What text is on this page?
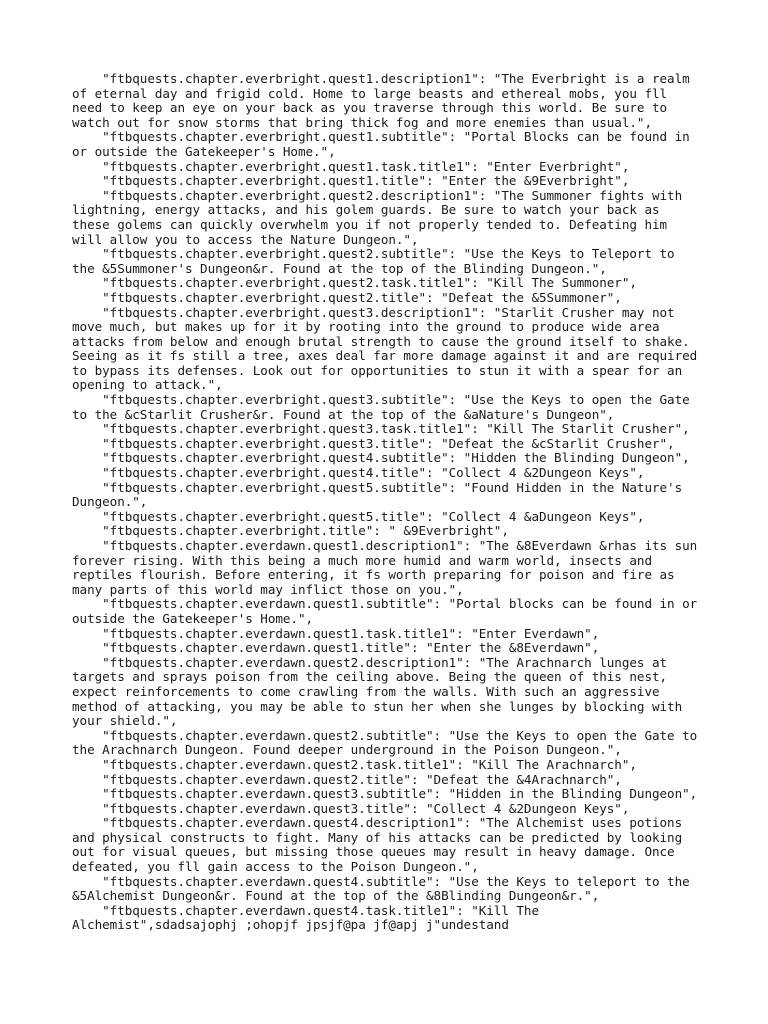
"ftbquests.chapter.everbright.quest1.description1": "The Everbright is a realm
of eternal day and frigid cold. Home to large beasts and ethereal mobs, you fll
need to keep an eye on your back as you traverse through this world. Be sure to
watch out for snow storms that bring thick fog and more enemies than usual.",
"ftbquests.chapter.everbright.quest1.subtitle": "Portal Blocks can be found in
or outside the Gatekeeper's Home.",
"ftbquests.chapter.everbright.quest1.task.title1": "Enter Everbright",
"ftbquests.chapter.everbright.quest1.title": "Enter the &9Everbright",
"ftbquests.chapter.everbright.quest2.description1": "The Summoner fights with
lightning, energy attacks, and his golem guards. Be sure to watch your back as
these golems can quickly overwhelm you if not properly tended to. Defeating him
will allow you to access the Nature Dungeon.",
"ftbquests.chapter.everbright.quest2.subtitle": "Use the Keys to Teleport to
the &5Summoner's Dungeon&r. Found at the top of the Blinding Dungeon.",
"ftbquests.chapter.everbright.quest2.task.title1": "Kill The Summoner",
"ftbquests.chapter.everbright.quest2.title": "Defeat the &5Summoner",
"ftbquests.chapter.everbright.quest3.description1": "Starlit Crusher may not
move much, but makes up for it by rooting into the ground to produce wide area
attacks from below and enough brutal strength to cause the ground itself to shake.
Seeing as it fs still a tree, axes deal far more damage against it and are required
to bypass its defenses. Look out for opportunities to stun it with a spear for an
opening to attack.",
"ftbquests.chapter.everbright.quest3.subtitle": "Use the Keys to open the Gate
to the &cStarlit Crusher&r. Found at the top of the &aNature's Dungeon",
"ftbquests.chapter.everbright.quest3.task.title1": "Kill The Starlit Crusher",
"ftbquests.chapter.everbright.quest3.title": "Defeat the &cStarlit Crusher",
"ftbquests.chapter.everbright.quest4.subtitle": "Hidden the Blinding Dungeon",
"ftbquests.chapter.everbright.quest4.title": "Collect 4 &2Dungeon Keys",
"ftbquests.chapter.everbright.quest5.subtitle": "Found Hidden in the Nature's
Dungeon.",
"ftbquests.chapter.everbright.quest5.title": "Collect 4 &aDungeon Keys",
"ftbquests.chapter.everbright.title": " &9Everbright",
"ftbquests.chapter.everdawn.quest1.description1": "The &8Everdawn &rhas its sun
forever rising. With this being a much more humid and warm world, insects and
reptiles flourish. Before entering, it fs worth preparing for poison and fire as
many parts of this world may inflict those on you.",
"ftbquests.chapter.everdawn.quest1.subtitle": "Portal blocks can be found in or
outside the Gatekeeper's Home.",
"ftbquests.chapter.everdawn.quest1.task.title1": "Enter Everdawn",
"ftbquests.chapter.everdawn.quest1.title": "Enter the &8Everdawn",
"ftbquests.chapter.everdawn.quest2.description1": "The Arachnarch lunges at
targets and sprays poison from the ceiling above. Being the queen of this nest,
expect reinforcements to come crawling from the walls. With such an aggressive
method of attacking, you may be able to stun her when she lunges by blocking with
your shield.",
"ftbquests.chapter.everdawn.quest2.subtitle": "Use the Keys to open the Gate to
the Arachnarch Dungeon. Found deeper underground in the Poison Dungeon.",
"ftbquests.chapter.everdawn.quest2.task.title1": "Kill The Arachnarch",
"ftbquests.chapter.everdawn.quest2.title": "Defeat the &4Arachnarch",
"ftbquests.chapter.everdawn.quest3.subtitle": "Hidden in the Blinding Dungeon",
"ftbquests.chapter.everdawn.quest3.title": "Collect 4 &2Dungeon Keys",
"ftbquests.chapter.everdawn.quest4.description1": "The Alchemist uses potions
and physical constructs to fight. Many of his attacks can be predicted by looking
out for visual queues, but missing those queues may result in heavy damage. Once
defeated, you fll gain access to the Poison Dungeon.",
"ftbquests.chapter.everdawn.quest4.subtitle": "Use the Keys to teleport to the
&5Alchemist Dungeon&r. Found at the top of the &8Blinding Dungeon&r.",
"ftbquests.chapter.everdawn.quest4.task.title1": "Kill The
Alchemist",sdadsajophj ;ohopjf jpsjf@pa jf@apj j"undestand
